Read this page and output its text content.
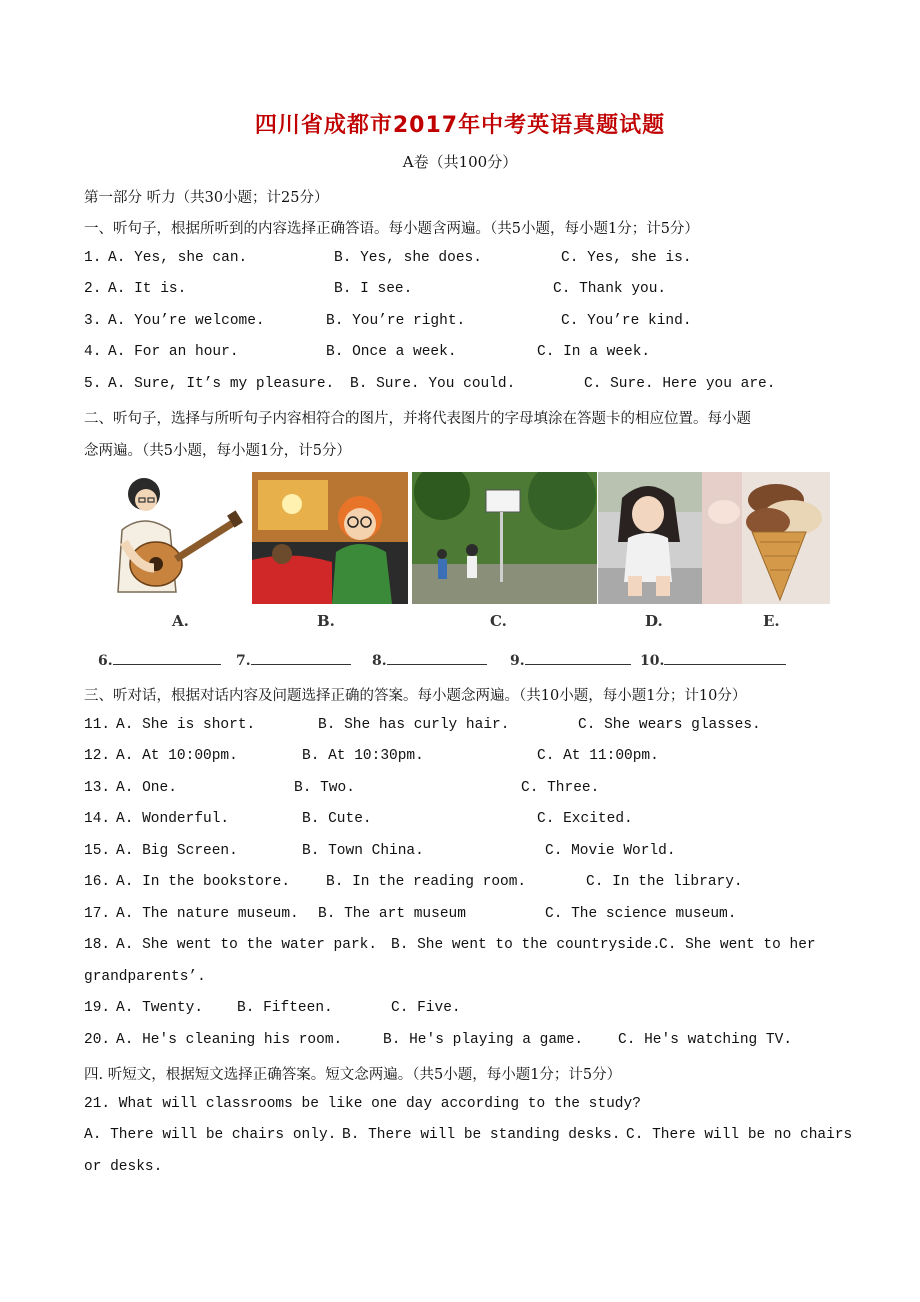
四川省成都市2017年中考英语真题试题
A卷（共100分）
第一部分 听力（共30小题；计25分）
一、听句子，根据所听到的内容选择正确答语。每小题含两遍。（共5小题，每小题1分；计5分）
1. A. Yes, she can.	B. Yes, she does.	C. Yes, she is.
2. A. It is.	B. I see.	C. Thank you.
3. A. You’re welcome.	B. You’re right.	C. You’re kind.
4. A. For an hour.	B. Once a week.	C. In a week.
5. A. Sure, It’s my pleasure. B. Sure. You could.	C. Sure. Here you are.
二、听句子，选择与所听句子内容相符合的图片，并将代表图片的字母填涂在答题卡的相应位置。每小题
念两遍。（共5小题，每小题1分，计5分）
A.	B.	C.	D.	E.
6.	7.	8.	9.	10.
三、听对话，根据对话内容及问题选择正确的答案。每小题念两遍。（共10小题，每小题1分；计10分）
11. A. She is short.	B. She has curly hair.	C. She wears glasses.
12. A. At 10:00pm.	B. At 10:30pm.	C. At 11:00pm.
13. A. One.	B. Two.	C. Three.
14. A. Wonderful.	B. Cute.	C. Excited.
15. A. Big Screen.	B. Town China.	C. Movie World.
16. A. In the bookstore. B. In the reading room.	C. In the library.
17. A. The nature museum. B. The art museum	C. The science museum.
18. A. She went to the water park. B. She went to the countryside.
C. She went to her
grandparents’.
19. A. Twenty. B. Fifteen.	C. Five.
20. A. He's cleaning his room.	B. He's playing a game. C. He's watching TV.
四. 听短文，根据短文选择正确答案。短文念两遍。（共5小题，每小题1分；计5分）
21. What will classrooms be like one day according to the study?
A. There will be chairs only. B. There will be standing desks. C. There will be no chairs
or desks.
